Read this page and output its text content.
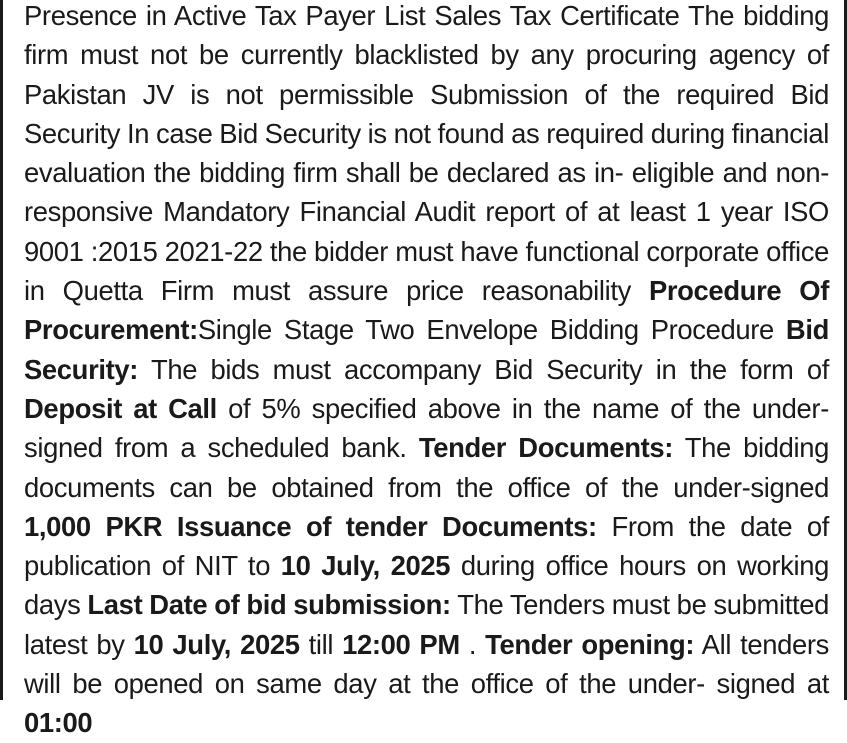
Presence in Active Tax Payer List Sales Tax Certificate The bidding firm must not be currently blacklisted by any procuring agency of Pakistan JV is not permissible Submission of the required Bid Security In case Bid Security is not found as required during financial evaluation the bidding firm shall be declared as in- eligible and non-responsive Mandatory Financial Audit report of at least 1 year ISO 9001 :2015 2021-22 the bidder must have functional corporate office in Quetta Firm must assure price reasonability Procedure Of Procurement:Single Stage Two Envelope Bidding Procedure Bid Security: The bids must accompany Bid Security in the form of Deposit at Call of 5% specified above in the name of the under-signed from a scheduled bank. Tender Documents: The bidding documents can be obtained from the office of the under-signed 1,000 PKR Issuance of tender Documents: From the date of publication of NIT to 10 July, 2025 during office hours on working days Last Date of bid submission: The Tenders must be submitted latest by 10 July, 2025 till 12:00 PM . Tender opening: All tenders will be opened on same day at the office of the under- signed at 01:00
